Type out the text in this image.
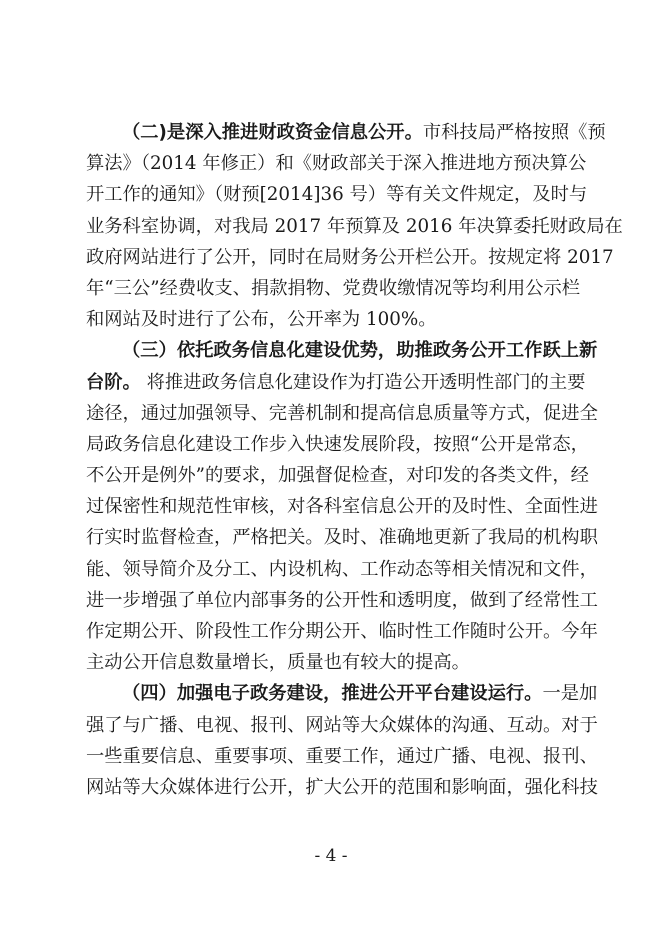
（二)是深入推进财政资金信息公开。市科技局严格按照《预
算法》（2014 年修正）和《财政部关于深入推进地方预决算公
开工作的通知》（财预[2014]36 号）等有关文件规定，及时与
业务科室协调，对我局 2017 年预算及 2016 年决算委托财政局在
政府网站进行了公开，同时在局财务公开栏公开。按规定将 2017
年“三公”经费收支、捐款捐物、党费收缴情况等均利用公示栏
和网站及时进行了公布，公开率为 100%。
（三）依托政务信息化建设优势，助推政务公开工作跃上新
台阶。 将推进政务信息化建设作为打造公开透明性部门的主要
途径，通过加强领导、完善机制和提高信息质量等方式，促进全
局政务信息化建设工作步入快速发展阶段，按照“公开是常态，
不公开是例外”的要求，加强督促检查，对印发的各类文件，经
过保密性和规范性审核，对各科室信息公开的及时性、全面性进
行实时监督检查，严格把关。及时、准确地更新了我局的机构职
能、领导简介及分工、内设机构、工作动态等相关情况和文件，
进一步增强了单位内部事务的公开性和透明度，做到了经常性工
作定期公开、阶段性工作分期公开、临时性工作随时公开。今年
主动公开信息数量增长，质量也有较大的提高。
（四）加强电子政务建设，推进公开平台建设运行。一是加
强了与广播、电视、报刊、网站等大众媒体的沟通、互动。对于
一些重要信息、重要事项、重要工作，通过广播、电视、报刊、
网站等大众媒体进行公开，扩大公开的范围和影响面，强化科技
- 4 -
